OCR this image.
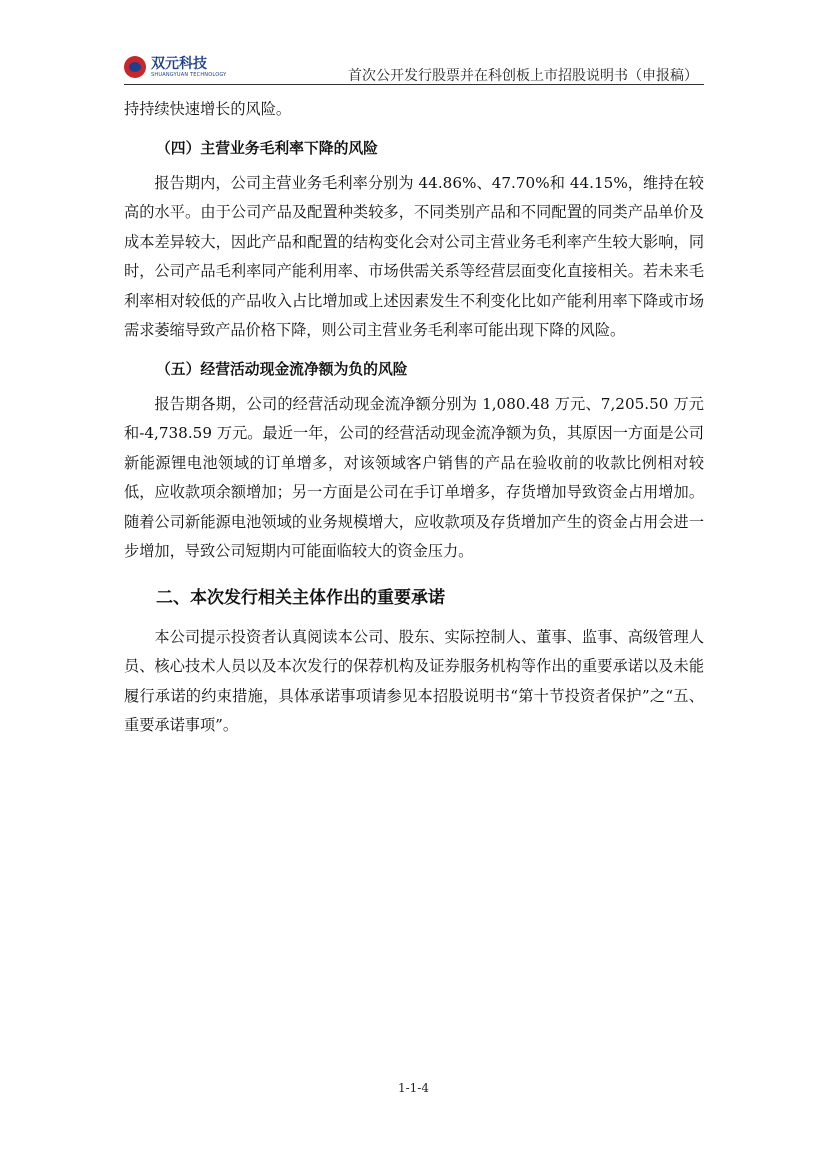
双元科技
SHUANGYUAN TECHNOLOGY	首次公开发行股票并在科创板上市招股说明书（申报稿）

持持续快速增长的风险。

（四）主营业务毛利率下降的风险

报告期内，公司主营业务毛利率分别为 44.86%、47.70%和 44.15%，维持在较高的水平。由于公司产品及配置种类较多，不同类别产品和不同配置的同类产品单价及成本差异较大，因此产品和配置的结构变化会对公司主营业务毛利率产生较大影响，同时，公司产品毛利率同产能利用率、市场供需关系等经营层面变化直接相关。若未来毛利率相对较低的产品收入占比增加或上述因素发生不利变化比如产能利用率下降或市场需求萎缩导致产品价格下降，则公司主营业务毛利率可能出现下降的风险。

（五）经营活动现金流净额为负的风险

报告期各期，公司的经营活动现金流净额分别为 1,080.48 万元、7,205.50 万元和-4,738.59 万元。最近一年，公司的经营活动现金流净额为负，其原因一方面是公司新能源锂电池领域的订单增多，对该领域客户销售的产品在验收前的收款比例相对较低，应收款项余额增加；另一方面是公司在手订单增多，存货增加导致资金占用增加。随着公司新能源电池领域的业务规模增大，应收款项及存货增加产生的资金占用会进一步增加，导致公司短期内可能面临较大的资金压力。

二、本次发行相关主体作出的重要承诺

本公司提示投资者认真阅读本公司、股东、实际控制人、董事、监事、高级管理人员、核心技术人员以及本次发行的保荐机构及证券服务机构等作出的重要承诺以及未能履行承诺的约束措施，具体承诺事项请参见本招股说明书“第十节投资者保护”之“五、重要承诺事项”。

1-1-4
